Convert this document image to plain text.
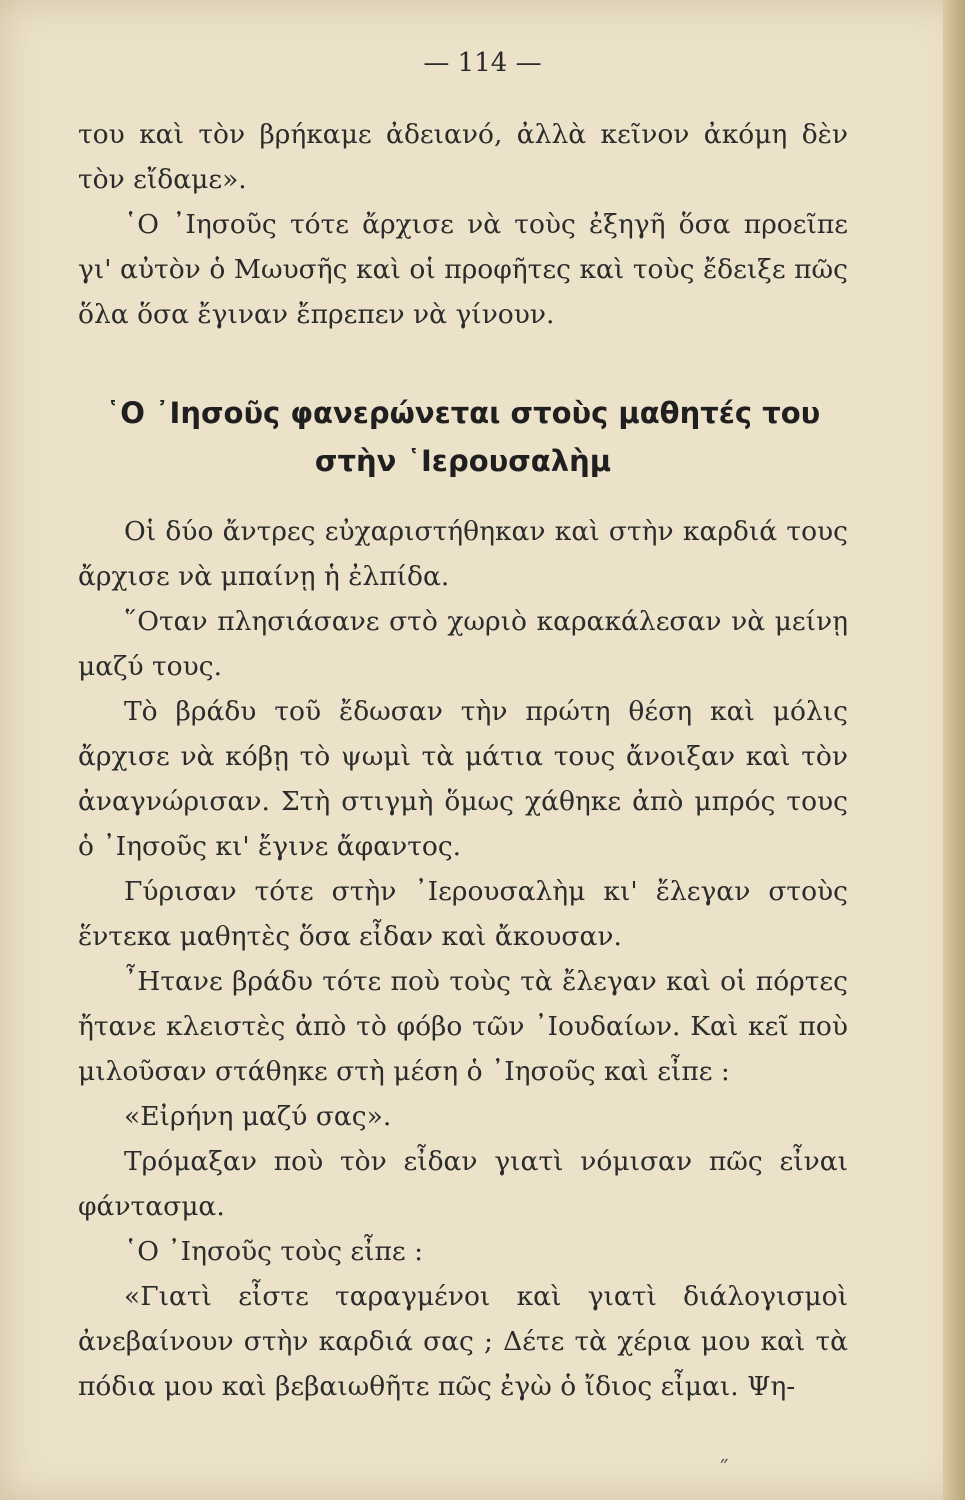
— 114 —

του καὶ τὸν βρήκαμε ἀδειανό, ἀλλὰ κεῖνον ἀκόμη δὲν τὸν εἴδαμε».

῾Ο ᾿Ιησοῦς τότε ἄρχισε νὰ τοὺς ἐξηγῆ ὅσα προεῖπε γι' αὐτὸν ὁ Μωυσῆς καὶ οἱ προφῆτες καὶ τοὺς ἔδειξε πῶς ὅλα ὅσα ἔγιναν ἔπρεπεν νὰ γίνουν.

῾Ο ᾿Ιησοῦς φανερώνεται στοὺς μαθητές του
στὴν ῾Ιερουσαλὴμ

Οἱ δύο ἄντρες εὐχαριστήθηκαν καὶ στὴν καρδιά τους ἄρχισε νὰ μπαίνῃ ἡ ἐλπίδα.

῞Οταν πλησιάσανε στὸ χωριὸ καρακάλεσαν νὰ μείνῃ μαζύ τους.

Τὸ βράδυ τοῦ ἔδωσαν τὴν πρώτη θέση καὶ μόλις ἄρχισε νὰ κόβῃ τὸ ψωμὶ τὰ μάτια τους ἄνοιξαν καὶ τὸν ἀναγνώρισαν. Στὴ στιγμὴ ὅμως χάθηκε ἀπὸ μπρός τους ὁ ᾿Ιησοῦς κι' ἔγινε ἄφαντος.

Γύρισαν τότε στὴν ᾿Ιερουσαλὴμ κι' ἔλεγαν στοὺς ἕντεκα μαθητὲς ὅσα εἶδαν καὶ ἄκουσαν.

῏Ητανε βράδυ τότε ποὺ τοὺς τὰ ἔλεγαν καὶ οἱ πόρτες ἤτανε κλειστὲς ἀπὸ τὸ φόβο τῶν ᾿Ιουδαίων. Καὶ κεῖ ποὺ μιλοῦσαν στάθηκε στὴ μέση ὁ ᾿Ιησοῦς καὶ εἶπε :

«Εἰρήνη μαζύ σας».

Τρόμαξαν ποὺ τὸν εἶδαν γιατὶ νόμισαν πῶς εἶναι φάντασμα.

῾Ο ᾿Ιησοῦς τοὺς εἶπε :

«Γιατὶ εἶστε ταραγμένοι καὶ γιατὶ διάλογισμοὶ ἀνεβαίνουν στὴν καρδιά σας ; Δέτε τὰ χέρια μου καὶ τὰ πόδια μου καὶ βεβαιωθῆτε πῶς ἐγὼ ὁ ἴδιος εἶμαι. Ψη-

˝
